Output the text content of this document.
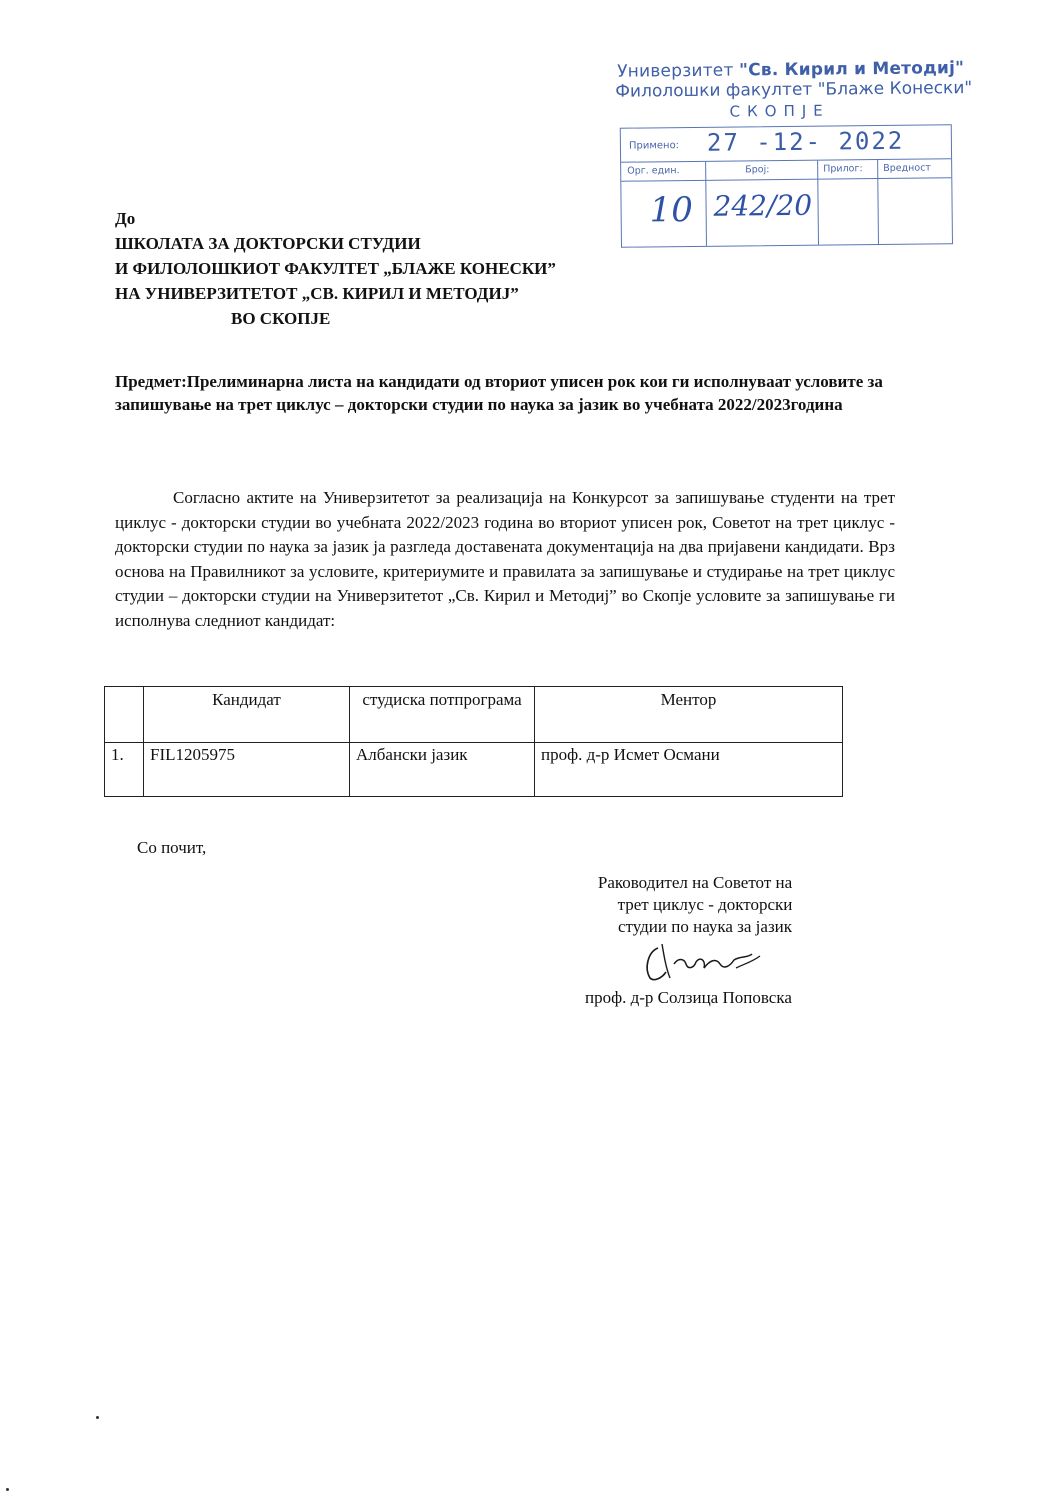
Универзитет "Св. Кирил и Методиј"
Филолошки факултет "Блаже Конески"
СКОПЈЕ
Примено: 27 -12- 2022
Орг. един.	Број:	Прилог: Вредност
10 242/20
До
ШКОЛАТА ЗА ДОКТОРСКИ СТУДИИ
И ФИЛОЛОШКИОТ ФАКУЛТЕТ „БЛАЖЕ КОНЕСКИ”
НА УНИВЕРЗИТЕТОТ „СВ. КИРИЛ И МЕТОДИЈ”
ВО СКОПЈЕ
Предмет:Прелиминарна листа на кандидати од вториот уписен рок кои ги исполнуваат условите за запишување на трет циклус – докторски студии по наука за јазик во учебната 2022/2023година
Согласно актите на Универзитетот за реализација на Конкурсот за запишување студенти на трет циклус - докторски студии во учебната 2022/2023 година во вториот уписен рок, Советот на трет циклус - докторски студии по наука за јазик ја разгледа доставената документација на два пријавени кандидати. Врз основа на Правилникот за условите, критериумите и правилата за запишување и студирање на трет циклус студии – докторски студии на Универзитетот „Св. Кирил и Методиј” во Скопје условите за запишување ги исполнува следниот кандидат:
	Кандидат	студиска потпрограма	Ментор
1.	FIL1205975	Албански јазик	проф. д-р Исмет Османи
Со почит,
Раководител на Советот на
трет циклус - докторски
студии по наука за јазик
проф. д-р Солзица Поповска
